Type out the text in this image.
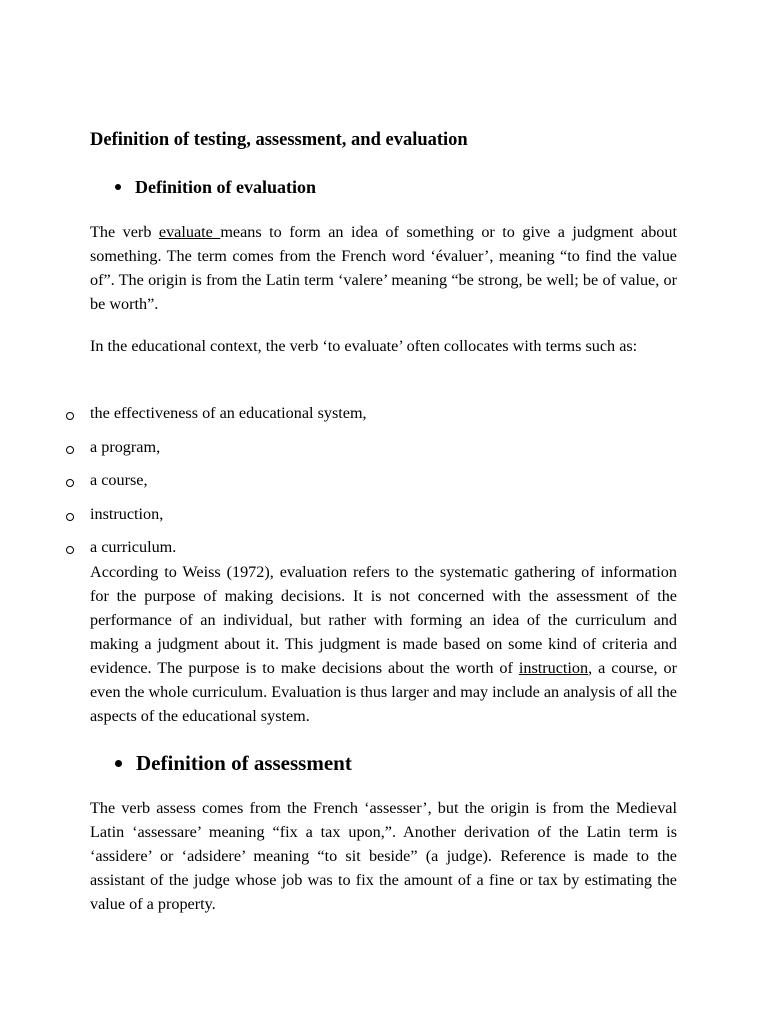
Definition of testing, assessment, and evaluation
Definition of evaluation
The verb evaluate means to form an idea of something or to give a judgment about something. The term comes from the French word ‘évaluer’, meaning “to find the value of”. The origin is from the Latin term ‘valere’ meaning “be strong, be well; be of value, or be worth”.
In the educational context, the verb ‘to evaluate’ often collocates with terms such as:
the effectiveness of an educational system,
a program,
a course,
instruction,
a curriculum.
According to Weiss (1972), evaluation refers to the systematic gathering of information for the purpose of making decisions. It is not concerned with the assessment of the performance of an individual, but rather with forming an idea of the curriculum and making a judgment about it. This judgment is made based on some kind of criteria and evidence. The purpose is to make decisions about the worth of instruction, a course, or even the whole curriculum. Evaluation is thus larger and may include an analysis of all the aspects of the educational system.
Definition of assessment
The verb assess comes from the French ‘assesser’, but the origin is from the Medieval Latin ‘assessare’ meaning “fix a tax upon,”. Another derivation of the Latin term is ‘assidere’ or ‘adsidere’ meaning “to sit beside” (a judge). Reference is made to the assistant of the judge whose job was to fix the amount of a fine or tax by estimating the value of a property.
